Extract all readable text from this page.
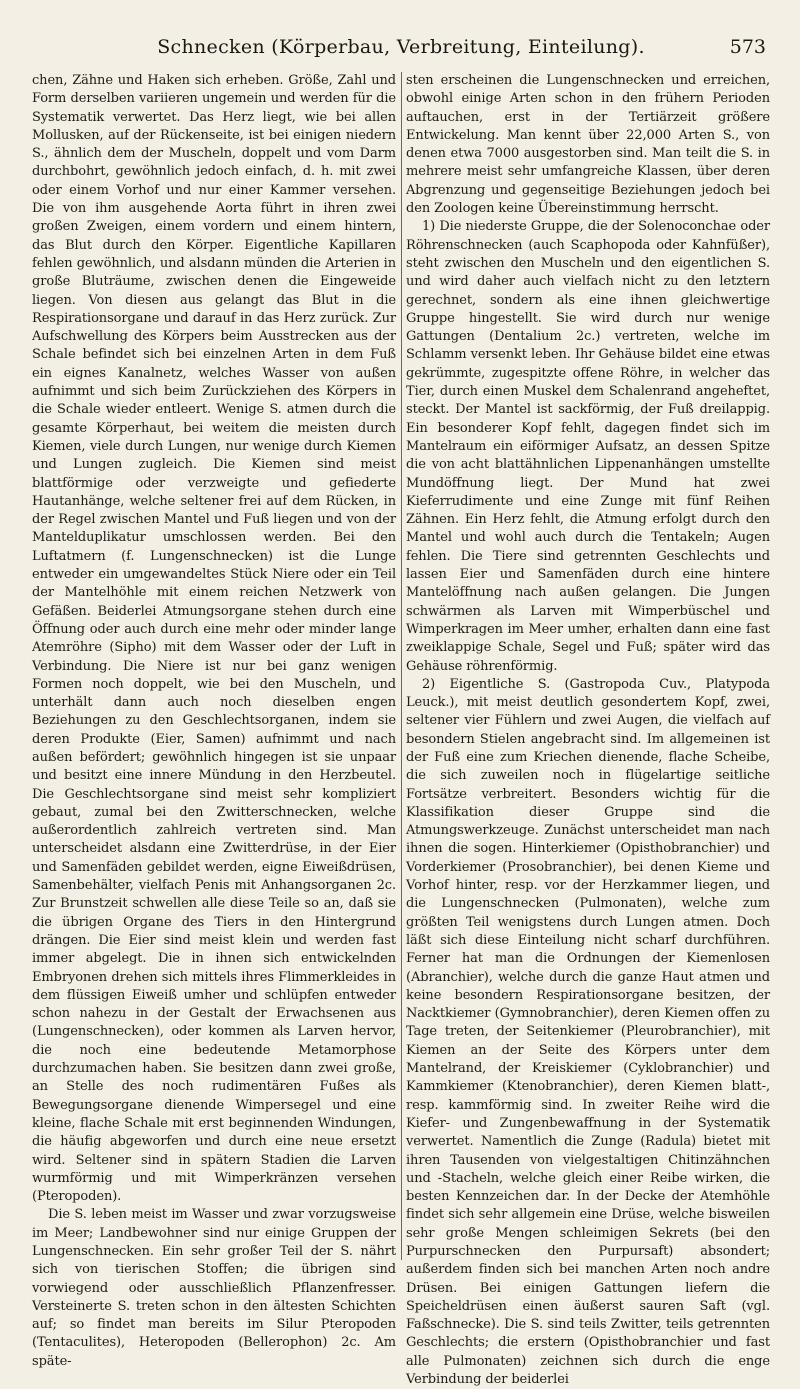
Schnecken (Körperbau, Verbreitung, Einteilung).	573

chen, Zähne und Haken sich erheben. Größe, Zahl und Form derselben variieren ungemein und werden für die Systematik verwertet. Das Herz liegt, wie bei allen Mollusken, auf der Rückenseite, ist bei einigen niedern S., ähnlich dem der Muscheln, doppelt und vom Darm durchbohrt, gewöhnlich jedoch einfach, d. h. mit zwei oder einem Vorhof und nur einer Kammer versehen. Die von ihm ausgehende Aorta führt in ihren zwei großen Zweigen, einem vordern und einem hintern, das Blut durch den Körper. Eigentliche Kapillaren fehlen gewöhnlich, und alsdann münden die Arterien in große Bluträume, zwischen denen die Eingeweide liegen. Von diesen aus gelangt das Blut in die Respirationsorgane und darauf in das Herz zurück. Zur Aufschwellung des Körpers beim Ausstrecken aus der Schale befindet sich bei einzelnen Arten in dem Fuß ein eignes Kanalnetz, welches Wasser von außen aufnimmt und sich beim Zurückziehen des Körpers in die Schale wieder entleert. Wenige S. atmen durch die gesamte Körperhaut, bei weitem die meisten durch Kiemen, viele durch Lungen, nur wenige durch Kiemen und Lungen zugleich. Die Kiemen sind meist blattförmige oder verzweigte und gefiederte Hautanhänge, welche seltener frei auf dem Rücken, in der Regel zwischen Mantel und Fuß liegen und von der Mantelduplikatur umschlossen werden. Bei den Luftatmern (f. Lungenschnecken) ist die Lunge entweder ein umgewandeltes Stück Niere oder ein Teil der Mantelhöhle mit einem reichen Netzwerk von Gefäßen. Beiderlei Atmungsorgane stehen durch eine Öffnung oder auch durch eine mehr oder minder lange Atemröhre (Sipho) mit dem Wasser oder der Luft in Verbindung. Die Niere ist nur bei ganz wenigen Formen noch doppelt, wie bei den Muscheln, und unterhält dann auch noch dieselben engen Beziehungen zu den Geschlechtsorganen, indem sie deren Produkte (Eier, Samen) aufnimmt und nach außen befördert; gewöhnlich hingegen ist sie unpaar und besitzt eine innere Mündung in den Herzbeutel. Die Geschlechtsorgane sind meist sehr kompliziert gebaut, zumal bei den Zwitterschnecken, welche außerordentlich zahlreich vertreten sind. Man unterscheidet alsdann eine Zwitterdrüse, in der Eier und Samenfäden gebildet werden, eigne Eiweißdrüsen, Samenbehälter, vielfach Penis mit Anhangsorganen 2c. Zur Brunstzeit schwellen alle diese Teile so an, daß sie die übrigen Organe des Tiers in den Hintergrund drängen. Die Eier sind meist klein und werden fast immer abgelegt. Die in ihnen sich entwickelnden Embryonen drehen sich mittels ihres Flimmerkleides in dem flüssigen Eiweiß umher und schlüpfen entweder schon nahezu in der Gestalt der Erwachsenen aus (Lungenschnecken), oder kommen als Larven hervor, die noch eine bedeutende Metamorphose durchzumachen haben. Sie besitzen dann zwei große, an Stelle des noch rudimentären Fußes als Bewegungsorgane dienende Wimpersegel und eine kleine, flache Schale mit erst beginnenden Windungen, die häufig abgeworfen und durch eine neue ersetzt wird. Seltener sind in spätern Stadien die Larven wurmförmig und mit Wimperkränzen versehen (Pteropoden).

Die S. leben meist im Wasser und zwar vorzugsweise im Meer; Landbewohner sind nur einige Gruppen der Lungenschnecken. Ein sehr großer Teil der S. nährt sich von tierischen Stoffen; die übrigen sind vorwiegend oder ausschließlich Pflanzenfresser. Versteinerte S. treten schon in den ältesten Schichten auf; so findet man bereits im Silur Pteropoden (Tentaculites), Heteropoden (Bellerophon) 2c. Am späte-

sten erscheinen die Lungenschnecken und erreichen, obwohl einige Arten schon in den frühern Perioden auftauchen, erst in der Tertiärzeit größere Entwickelung. Man kennt über 22,000 Arten S., von denen etwa 7000 ausgestorben sind. Man teilt die S. in mehrere meist sehr umfangreiche Klassen, über deren Abgrenzung und gegenseitige Beziehungen jedoch bei den Zoologen keine Übereinstimmung herrscht.

1) Die niederste Gruppe, die der Solenoconchae oder Röhrenschnecken (auch Scaphopoda oder Kahnfüßer), steht zwischen den Muscheln und den eigentlichen S. und wird daher auch vielfach nicht zu den letztern gerechnet, sondern als eine ihnen gleichwertige Gruppe hingestellt. Sie wird durch nur wenige Gattungen (Dentalium 2c.) vertreten, welche im Schlamm versenkt leben. Ihr Gehäuse bildet eine etwas gekrümmte, zugespitzte offene Röhre, in welcher das Tier, durch einen Muskel dem Schalenrand angeheftet, steckt. Der Mantel ist sackförmig, der Fuß dreilappig. Ein besonderer Kopf fehlt, dagegen findet sich im Mantelraum ein eiförmiger Aufsatz, an dessen Spitze die von acht blattähnlichen Lippenanhängen umstellte Mundöffnung liegt. Der Mund hat zwei Kieferrudimente und eine Zunge mit fünf Reihen Zähnen. Ein Herz fehlt, die Atmung erfolgt durch den Mantel und wohl auch durch die Tentakeln; Augen fehlen. Die Tiere sind getrennten Geschlechts und lassen Eier und Samenfäden durch eine hintere Mantelöffnung nach außen gelangen. Die Jungen schwärmen als Larven mit Wimperbüschel und Wimperkragen im Meer umher, erhalten dann eine fast zweiklappige Schale, Segel und Fuß; später wird das Gehäuse röhrenförmig.

2) Eigentliche S. (Gastropoda Cuv., Platypoda Leuck.), mit meist deutlich gesondertem Kopf, zwei, seltener vier Fühlern und zwei Augen, die vielfach auf besondern Stielen angebracht sind. Im allgemeinen ist der Fuß eine zum Kriechen dienende, flache Scheibe, die sich zuweilen noch in flügelartige seitliche Fortsätze verbreitert. Besonders wichtig für die Klassifikation dieser Gruppe sind die Atmungswerkzeuge. Zunächst unterscheidet man nach ihnen die sogen. Hinterkiemer (Opisthobranchier) und Vorderkiemer (Prosobranchier), bei denen Kieme und Vorhof hinter, resp. vor der Herzkammer liegen, und die Lungenschnecken (Pulmonaten), welche zum größten Teil wenigstens durch Lungen atmen. Doch läßt sich diese Einteilung nicht scharf durchführen. Ferner hat man die Ordnungen der Kiemenlosen (Abranchier), welche durch die ganze Haut atmen und keine besondern Respirationsorgane besitzen, der Nacktkiemer (Gymnobranchier), deren Kiemen offen zu Tage treten, der Seitenkiemer (Pleurobranchier), mit Kiemen an der Seite des Körpers unter dem Mantelrand, der Kreiskiemer (Cyklobranchier) und Kammkiemer (Ktenobranchier), deren Kiemen blatt-, resp. kammförmig sind. In zweiter Reihe wird die Kiefer- und Zungenbewaffnung in der Systematik verwertet. Namentlich die Zunge (Radula) bietet mit ihren Tausenden von vielgestaltigen Chitinzähnchen und -Stacheln, welche gleich einer Reibe wirken, die besten Kennzeichen dar. In der Decke der Atemhöhle findet sich sehr allgemein eine Drüse, welche bisweilen sehr große Mengen schleimigen Sekrets (bei den Purpurschnecken den Purpursaft) absondert; außerdem finden sich bei manchen Arten noch andre Drüsen. Bei einigen Gattungen liefern die Speicheldrüsen einen äußerst sauren Saft (vgl. Faßschnecke). Die S. sind teils Zwitter, teils getrennten Geschlechts; die erstern (Opisthobranchier und fast alle Pulmonaten) zeichnen sich durch die enge Verbindung der beiderlei
